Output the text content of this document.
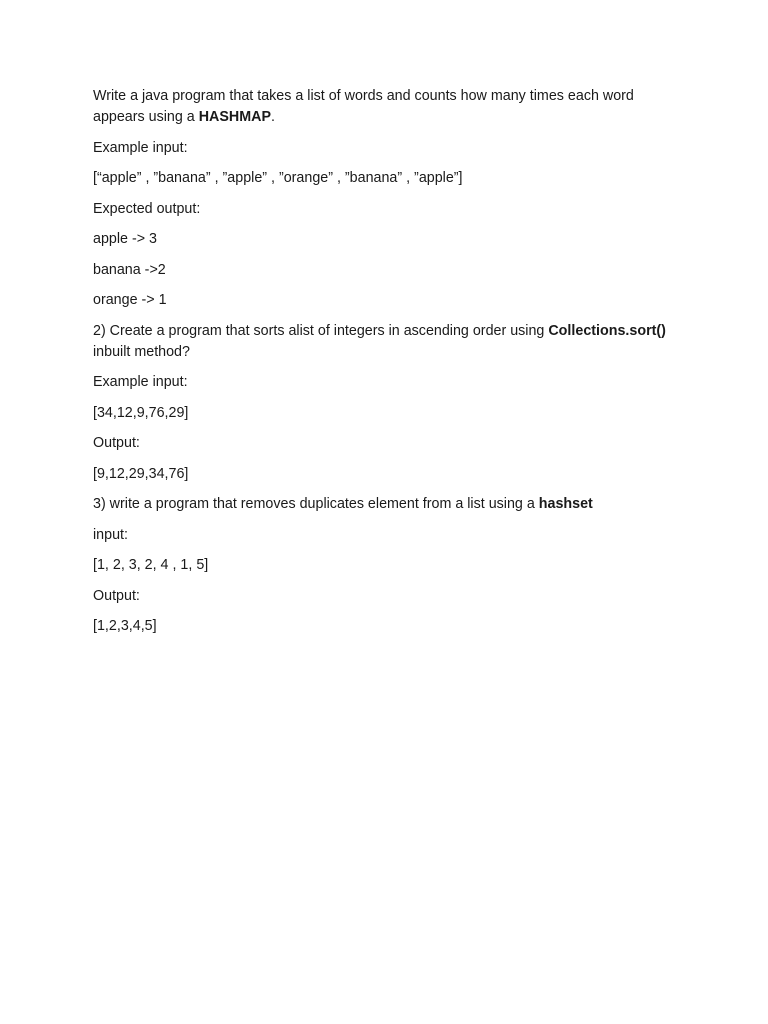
Write a java program that takes a list of words and counts how many times each word appears using a HASHMAP.

Example input:

[“apple” , ”banana” , ”apple” , ”orange” , ”banana” , ”apple”]

Expected output:

apple -> 3

banana ->2

orange -> 1

2) Create a program that sorts alist of integers in ascending order using Collections.sort() inbuilt method?

Example input:

[34,12,9,76,29]

Output:

[9,12,29,34,76]

3) write a program that removes duplicates element from a list using a hashset

input:

[1, 2, 3, 2, 4 , 1, 5]

Output:

[1,2,3,4,5]
